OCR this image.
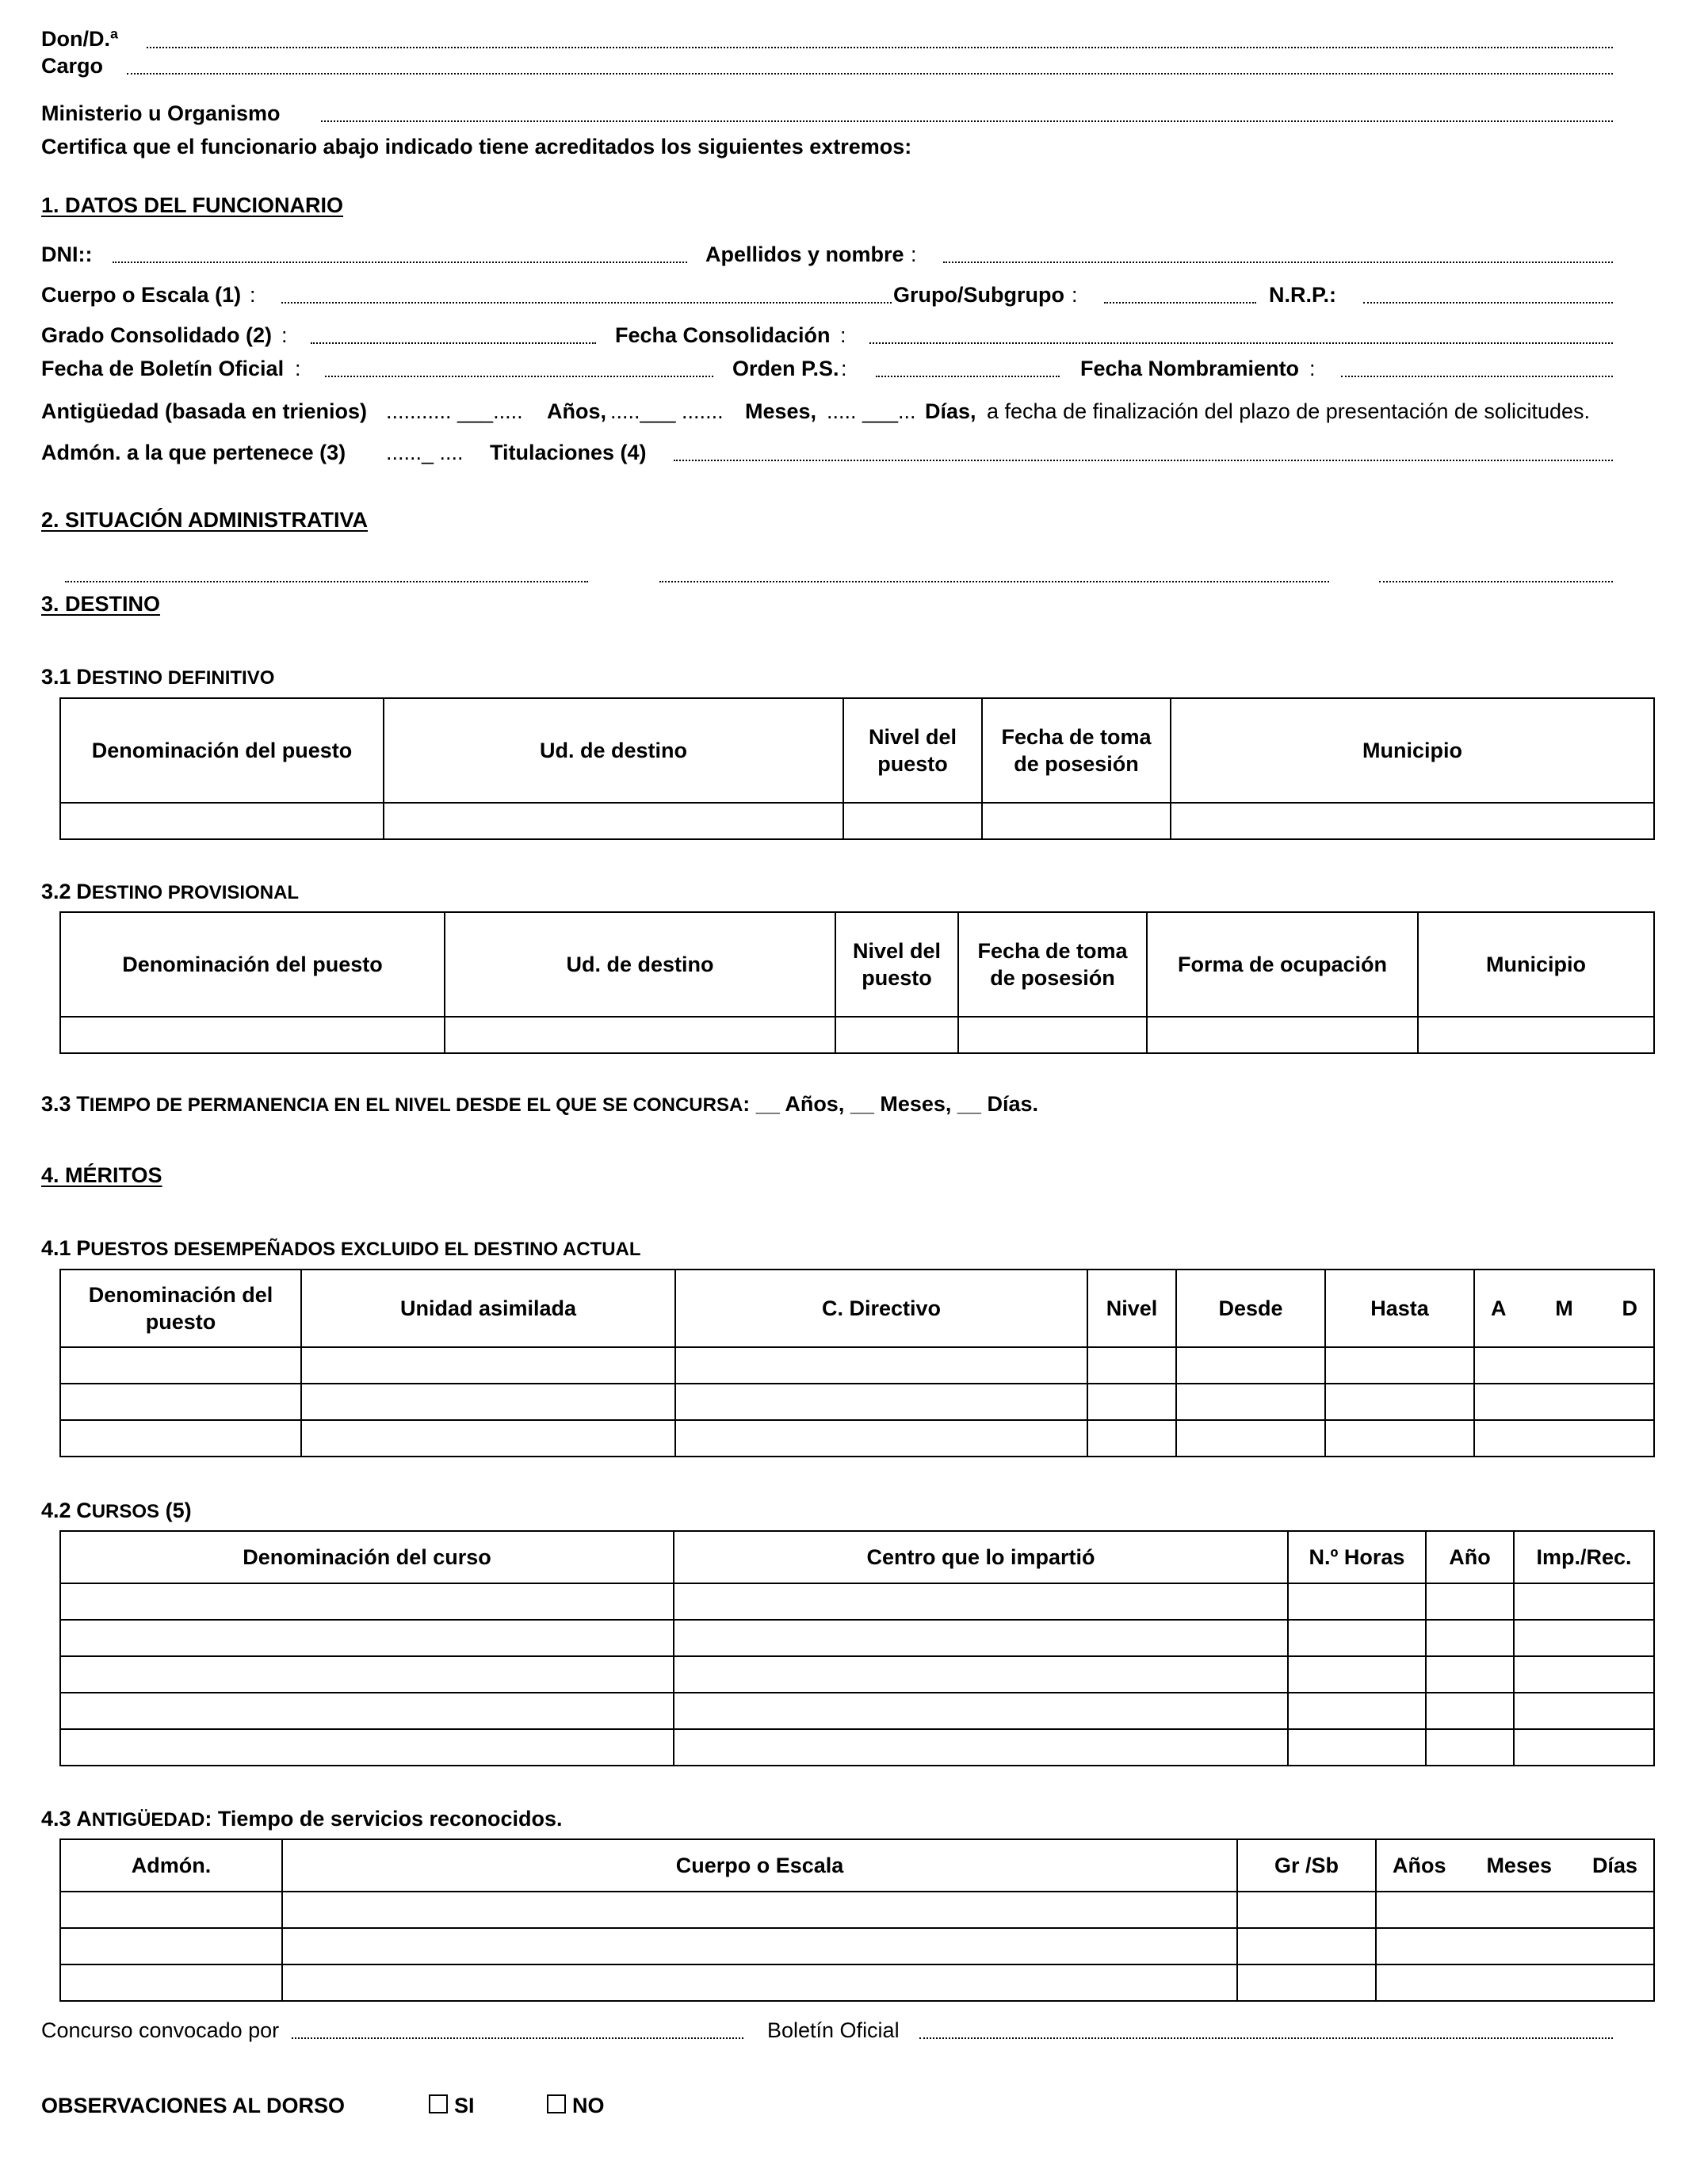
Don/D.ª
Cargo
Ministerio u Organismo
Certifica que el funcionario abajo indicado tiene acreditados los siguientes extremos:
1. DATOS DEL FUNCIONARIO
DNI::	Apellidos y nombre :
Cuerpo o Escala (1) :	Grupo/Subgrupo :	N.R.P.:
Grado Consolidado (2) :	Fecha Consolidación :
Fecha de Boletín Oficial :	Orden P.S. :	Fecha Nombramiento :
Antigüedad (basada en trienios) ........... ___..... Años, .....___ ....... Meses, ..... ___... Días, a fecha de finalización del plazo de presentación de solicitudes.
Admón. a la que pertenece (3) ......_ .... Titulaciones (4)
2. SITUACIÓN ADMINISTRATIVA
3. DESTINO
3.1 DESTINO DEFINITIVO
Denominación del puesto	Ud. de destino	Nivel del puesto	Fecha de toma de posesión	Municipio

3.2 DESTINO PROVISIONAL
Denominación del puesto	Ud. de destino	Nivel del puesto	Fecha de toma de posesión	Forma de ocupación	Municipio

3.3 TIEMPO DE PERMANENCIA EN EL NIVEL DESDE EL QUE SE CONCURSA: __ Años, __ Meses, __ Días.
4. MÉRITOS
4.1 PUESTOS DESEMPEÑADOS EXCLUIDO EL DESTINO ACTUAL
Denominación del puesto	Unidad asimilada	C. Directivo	Nivel	Desde	Hasta	A M D

4.2 CURSOS (5)
Denominación del curso	Centro que lo impartió	N.º Horas	Año	Imp./Rec.

4.3 ANTIGÜEDAD: Tiempo de servicios reconocidos.
Admón.	Cuerpo o Escala	Gr /Sb	Años Meses Días

Concurso convocado por	Boletín Oficial
OBSERVACIONES AL DORSO	SI	NO
